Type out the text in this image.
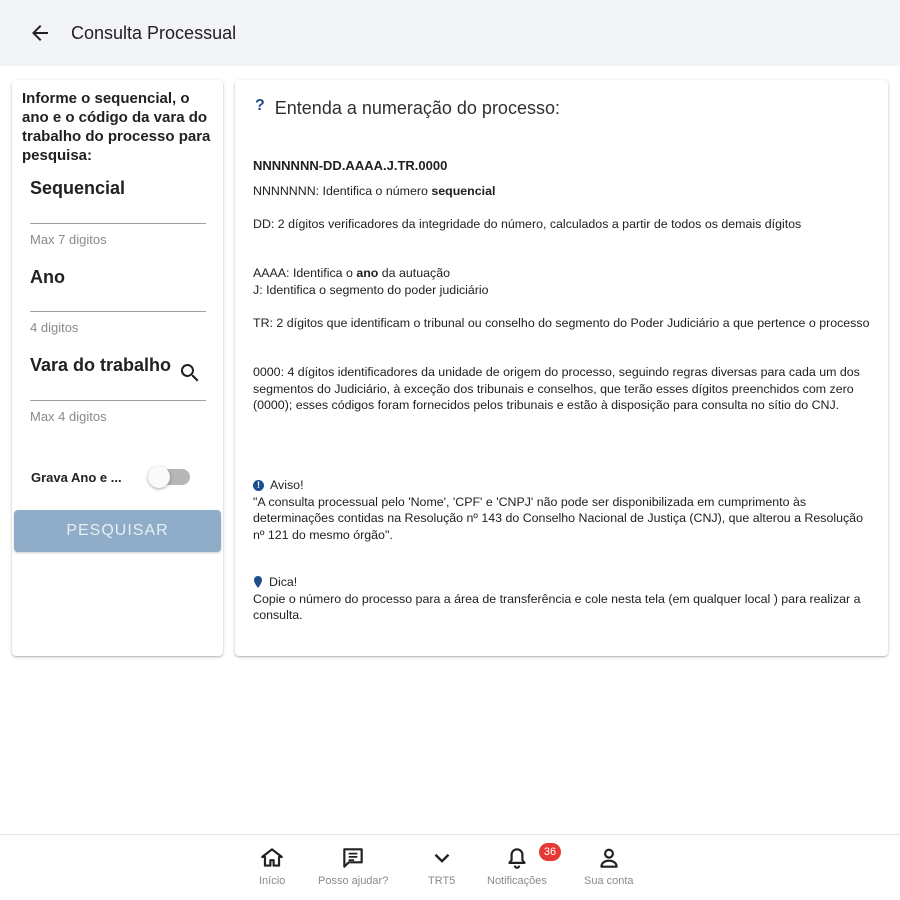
Consulta Processual
Informe o sequencial, o ano e o código da vara do trabalho do processo para pesquisa:
Sequencial
Max 7 digitos
Ano
4 digitos
Vara do trabalho
Max 4 digitos
Grava Ano e ...
PESQUISAR
? Entenda a numeração do processo:
NNNNNNN-DD.AAAA.J.TR.0000
NNNNNNN: Identifica o número sequencial
DD: 2 dígitos verificadores da integridade do número, calculados a partir de todos os demais dígitos
AAAA: Identifica o ano da autuação
J: Identifica o segmento do poder judiciário
TR: 2 dígitos que identificam o tribunal ou conselho do segmento do Poder Judiciário a que pertence o processo
0000: 4 dígitos identificadores da unidade de origem do processo, seguindo regras diversas para cada um dos segmentos do Judiciário, à exceção dos tribunais e conselhos, que terão esses dígitos preenchidos com zero (0000); esses códigos foram fornecidos pelos tribunais e estão à disposição para consulta no sítio do CNJ.
! Aviso!
"A consulta processual pelo 'Nome', 'CPF' e 'CNPJ' não pode ser disponibilizada em cumprimento às determinações contidas na Resolução nº 143 do Conselho Nacional de Justiça (CNJ), que alterou a Resolução nº 121 do mesmo órgão".
Dica!
Copie o número do processo para a área de transferência e cole nesta tela (em qualquer local ) para realizar a consulta.
Início	Posso ajudar?	TRT5	Notificações
36
Sua conta
